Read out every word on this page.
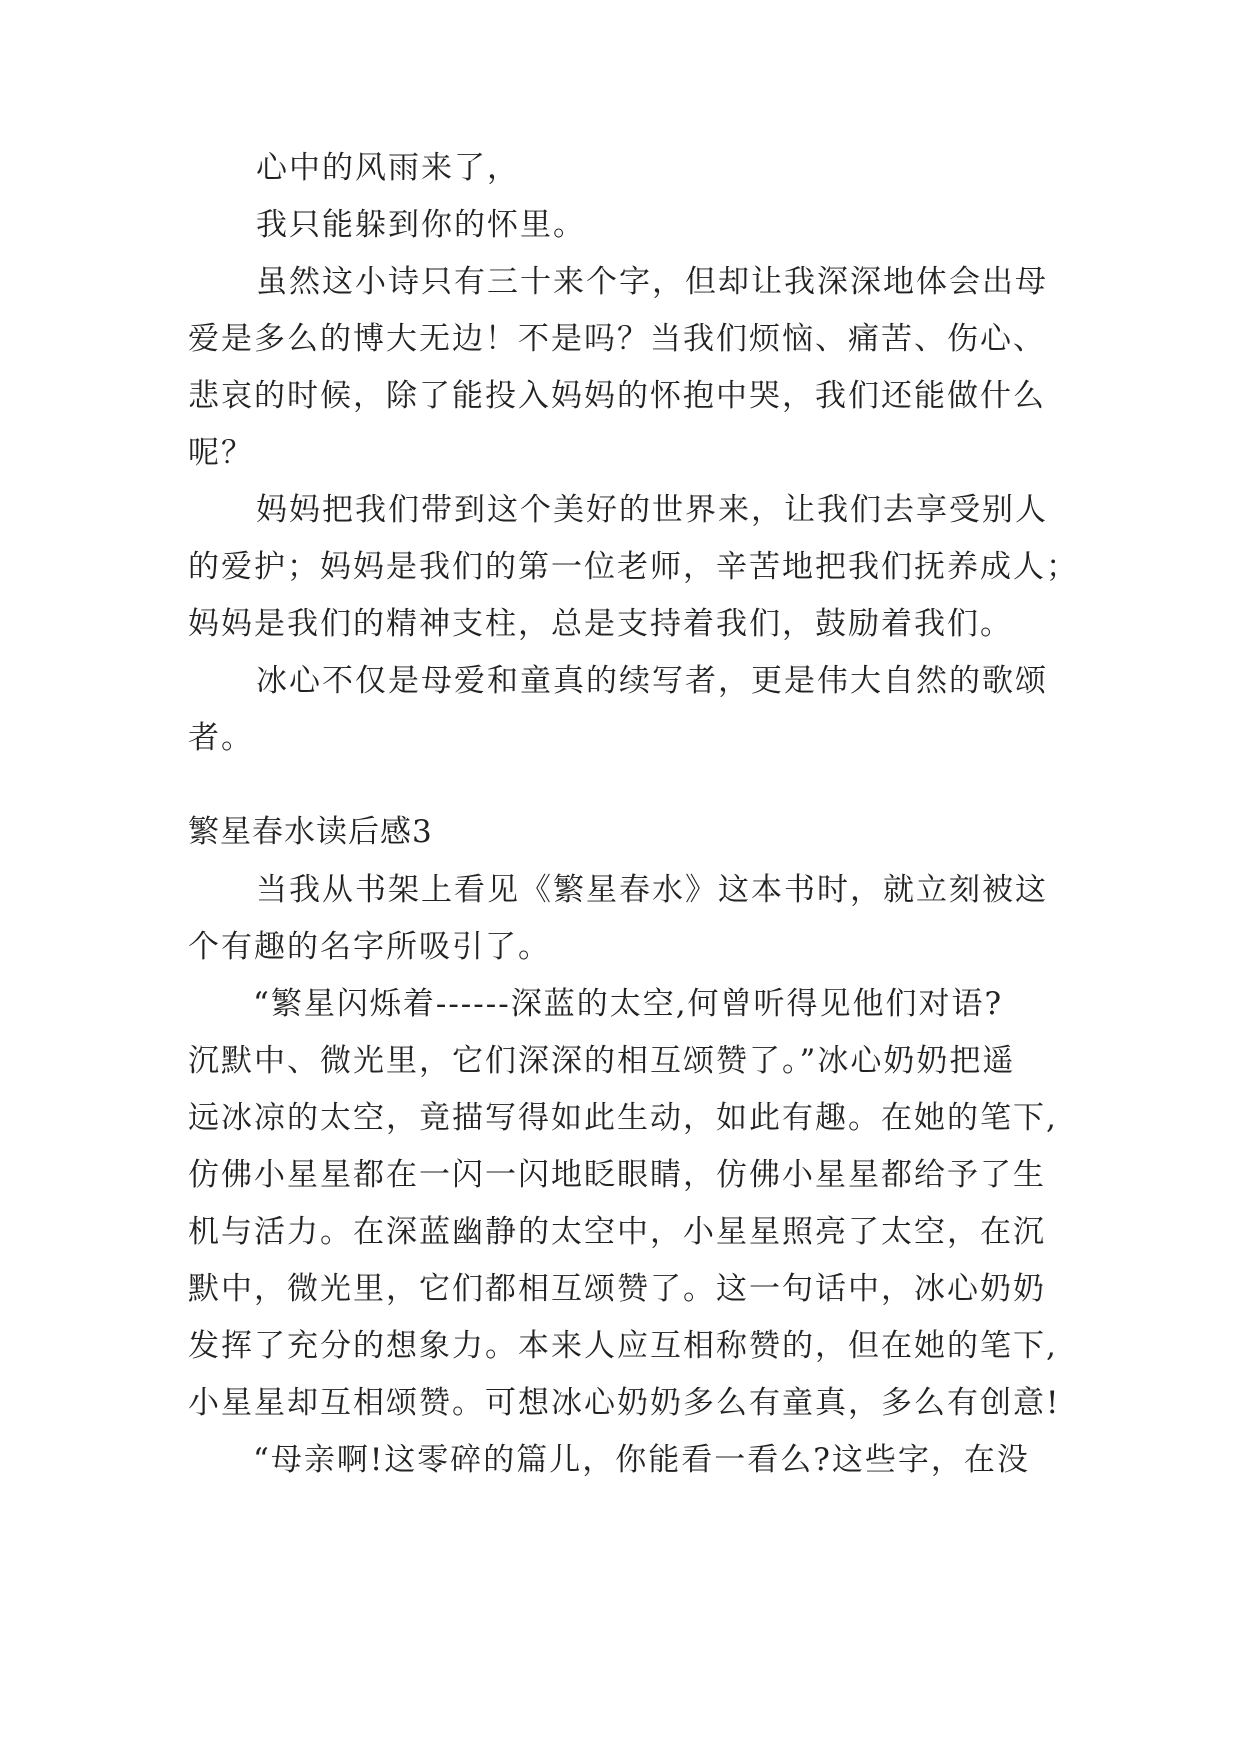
心中的风雨来了，
我只能躲到你的怀里。
虽然这小诗只有三十来个字，但却让我深深地体会出母
爱是多么的博大无边！不是吗？当我们烦恼、痛苦、伤心、
悲哀的时候，除了能投入妈妈的怀抱中哭，我们还能做什么
呢？
妈妈把我们带到这个美好的世界来，让我们去享受别人
的爱护；妈妈是我们的第一位老师，辛苦地把我们抚养成人；
妈妈是我们的精神支柱，总是支持着我们，鼓励着我们。
冰心不仅是母爱和童真的续写者，更是伟大自然的歌颂
者。
繁星春水读后感3
当我从书架上看见《繁星春水》这本书时，就立刻被这
个有趣的名字所吸引了。
“繁星闪烁着------深蓝的太空,何曾听得见他们对语?
沉默中、微光里，它们深深的相互颂赞了。”冰心奶奶把遥
远冰凉的太空，竟描写得如此生动，如此有趣。在她的笔下,
仿佛小星星都在一闪一闪地眨眼睛，仿佛小星星都给予了生
机与活力。在深蓝幽静的太空中，小星星照亮了太空，在沉
默中，微光里，它们都相互颂赞了。这一句话中，冰心奶奶
发挥了充分的想象力。本来人应互相称赞的，但在她的笔下,
小星星却互相颂赞。可想冰心奶奶多么有童真，多么有创意!
“母亲啊!这零碎的篇儿，你能看一看么?这些字，在没
